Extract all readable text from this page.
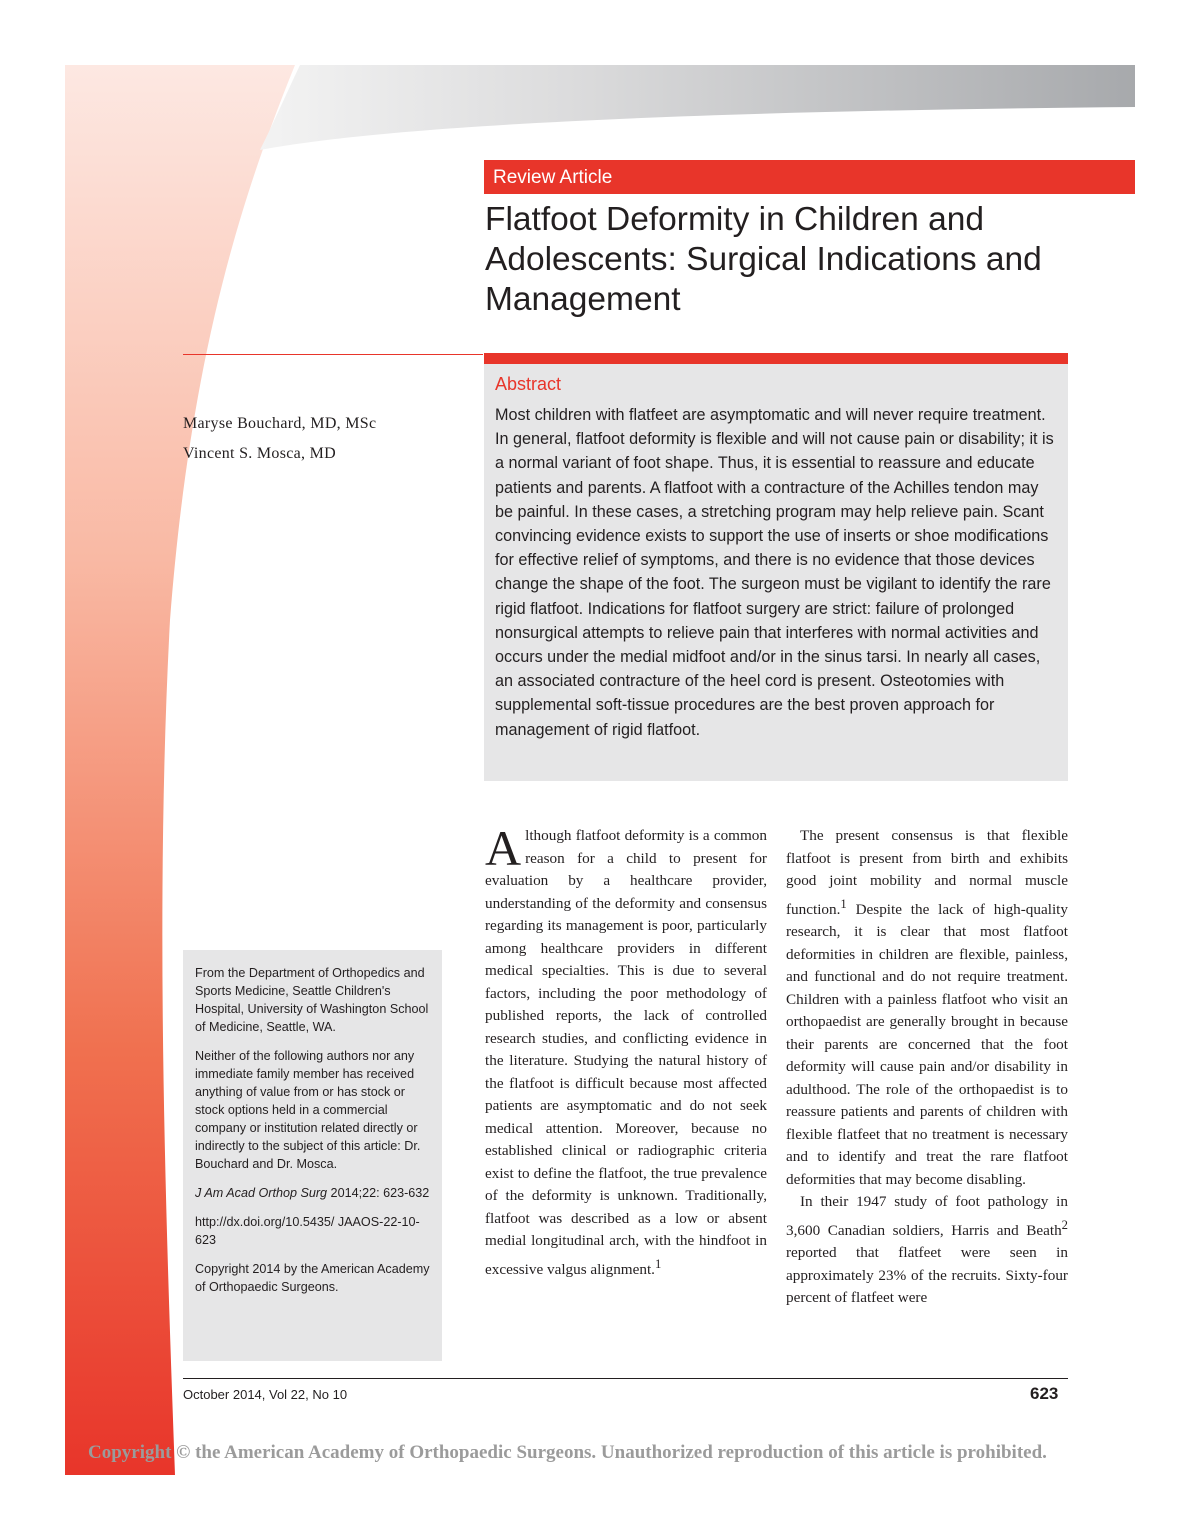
Review Article
Flatfoot Deformity in Children and Adolescents: Surgical Indications and Management
Maryse Bouchard, MD, MSc
Vincent S. Mosca, MD
Abstract
Most children with flatfeet are asymptomatic and will never require treatment. In general, flatfoot deformity is flexible and will not cause pain or disability; it is a normal variant of foot shape. Thus, it is essential to reassure and educate patients and parents. A flatfoot with a contracture of the Achilles tendon may be painful. In these cases, a stretching program may help relieve pain. Scant convincing evidence exists to support the use of inserts or shoe modifications for effective relief of symptoms, and there is no evidence that those devices change the shape of the foot. The surgeon must be vigilant to identify the rare rigid flatfoot. Indications for flatfoot surgery are strict: failure of prolonged nonsurgical attempts to relieve pain that interferes with normal activities and occurs under the medial midfoot and/or in the sinus tarsi. In nearly all cases, an associated contracture of the heel cord is present. Osteotomies with supplemental soft-tissue procedures are the best proven approach for management of rigid flatfoot.

From the Department of Orthopedics and Sports Medicine, Seattle Children's Hospital, University of Washington School of Medicine, Seattle, WA.

Neither of the following authors nor any immediate family member has received anything of value from or has stock or stock options held in a commercial company or institution related directly or indirectly to the subject of this article: Dr. Bouchard and Dr. Mosca.

J Am Acad Orthop Surg 2014;22: 623-632

http://dx.doi.org/10.5435/ JAAOS-22-10-623

Copyright 2014 by the American Academy of Orthopaedic Surgeons.

Although flatfoot deformity is a common reason for a child to present for evaluation by a healthcare provider, understanding of the deformity and consensus regarding its management is poor, particularly among healthcare providers in different medical specialties. This is due to several factors, including the poor methodology of published reports, the lack of controlled research studies, and conflicting evidence in the literature. Studying the natural history of the flatfoot is difficult because most affected patients are asymptomatic and do not seek medical attention. Moreover, because no established clinical or radiographic criteria exist to define the flatfoot, the true prevalence of the deformity is unknown. Traditionally, flatfoot was described as a low or absent medial longitudinal arch, with the hindfoot in excessive valgus alignment.$^1$

The present consensus is that flexible flatfoot is present from birth and exhibits good joint mobility and normal muscle function.$^1$ Despite the lack of high-quality research, it is clear that most flatfoot deformities in children are flexible, painless, and functional and do not require treatment. Children with a painless flatfoot who visit an orthopaedist are generally brought in because their parents are concerned that the foot deformity will cause pain and/or disability in adulthood. The role of the orthopaedist is to reassure patients and parents of children with flexible flatfeet that no treatment is necessary and to identify and treat the rare flatfoot deformities that may become disabling.

In their 1947 study of foot pathology in 3,600 Canadian soldiers, Harris and Beath$^2$ reported that flatfeet were seen in approximately 23% of the recruits. Sixty-four percent of flatfeet were

October 2014, Vol 22, No 10	623
Copyright © the American Academy of Orthopaedic Surgeons. Unauthorized reproduction of this article is prohibited.
